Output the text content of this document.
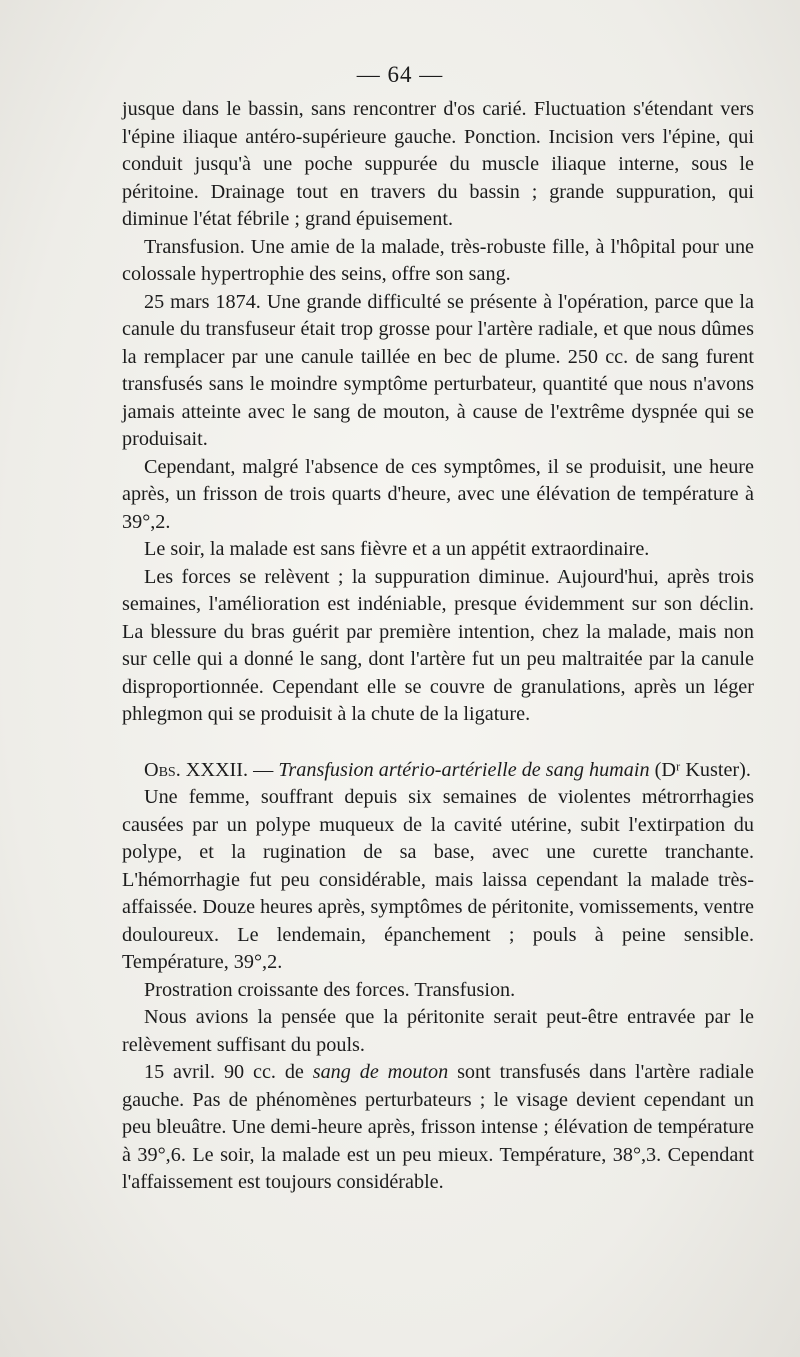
— 64 —

jusque dans le bassin, sans rencontrer d'os carié. Fluctuation s'étendant vers l'épine iliaque antéro-supérieure gauche. Ponction. Incision vers l'épine, qui conduit jusqu'à une poche suppurée du muscle iliaque interne, sous le péritoine. Drainage tout en travers du bassin ; grande suppuration, qui diminue l'état fébrile ; grand épuisement.

Transfusion. Une amie de la malade, très-robuste fille, à l'hôpital pour une colossale hypertrophie des seins, offre son sang.

25 mars 1874. Une grande difficulté se présente à l'opération, parce que la canule du transfuseur était trop grosse pour l'artère radiale, et que nous dûmes la remplacer par une canule taillée en bec de plume. 250 cc. de sang furent transfusés sans le moindre symptôme perturbateur, quantité que nous n'avons jamais atteinte avec le sang de mouton, à cause de l'extrême dyspnée qui se produisait.

Cependant, malgré l'absence de ces symptômes, il se produisit, une heure après, un frisson de trois quarts d'heure, avec une élévation de température à 39°,2.

Le soir, la malade est sans fièvre et a un appétit extraordinaire.

Les forces se relèvent ; la suppuration diminue. Aujourd'hui, après trois semaines, l'amélioration est indéniable, presque évidemment sur son déclin. La blessure du bras guérit par première intention, chez la malade, mais non sur celle qui a donné le sang, dont l'artère fut un peu maltraitée par la canule disproportionnée. Cependant elle se couvre de granulations, après un léger phlegmon qui se produisit à la chute de la ligature.

Obs. XXXII. — Transfusion artério-artérielle de sang humain (Dʳ Kuster).

Une femme, souffrant depuis six semaines de violentes métrorrhagies causées par un polype muqueux de la cavité utérine, subit l'extirpation du polype, et la rugination de sa base, avec une curette tranchante. L'hémorrhagie fut peu considérable, mais laissa cependant la malade très-affaissée. Douze heures après, symptômes de péritonite, vomissements, ventre douloureux. Le lendemain, épanchement ; pouls à peine sensible. Température, 39°,2.

Prostration croissante des forces. Transfusion.

Nous avions la pensée que la péritonite serait peut-être entravée par le relèvement suffisant du pouls.

15 avril. 90 cc. de sang de mouton sont transfusés dans l'artère radiale gauche. Pas de phénomènes perturbateurs ; le visage devient cependant un peu bleuâtre. Une demi-heure après, frisson intense ; élévation de température à 39°,6. Le soir, la malade est un peu mieux. Température, 38°,3. Cependant l'affaissement est toujours considérable.
